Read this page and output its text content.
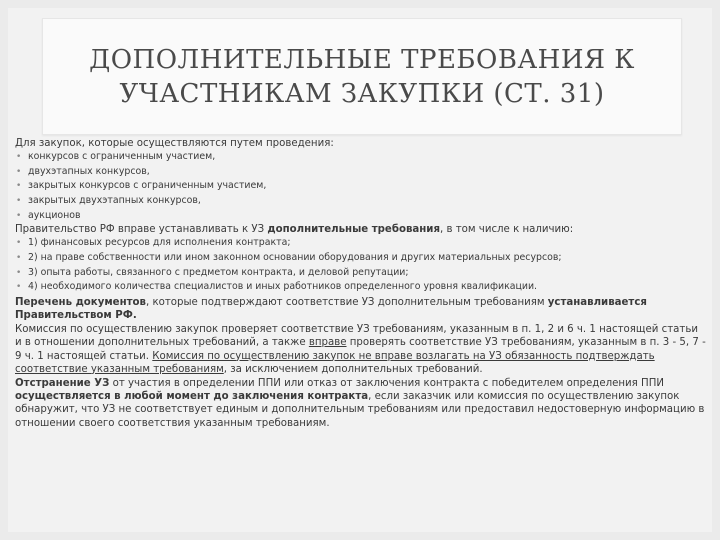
ДОПОЛНИТЕЛЬНЫЕ ТРЕБОВАНИЯ К
УЧАСТНИКАМ ЗАКУПКИ (СТ. 31)

Для закупок, которые осуществляются путем проведения:

• конкурсов с ограниченным участием,
• двухэтапных конкурсов,
• закрытых конкурсов с ограниченным участием,
• закрытых двухэтапных конкурсов,
• аукционов

Правительство РФ вправе устанавливать к УЗ дополнительные требования, в том числе к наличию:

• 1) финансовых ресурсов для исполнения контракта;
• 2) на праве собственности или ином законном основании оборудования и других материальных ресурсов;
• 3) опыта работы, связанного с предметом контракта, и деловой репутации;
• 4) необходимого количества специалистов и иных работников определенного уровня квалификации.

Перечень документов, которые подтверждают соответствие УЗ дополнительным требованиям устанавливается Правительством РФ.

Комиссия по осуществлению закупок проверяет соответствие УЗ требованиям, указанным в п. 1, 2 и 6 ч. 1 настоящей статьи и в отношении дополнительных требований, а также вправе проверять соответствие УЗ требованиям, указанным в п. 3 - 5, 7 - 9 ч. 1 настоящей статьи. Комиссия по осуществлению закупок не вправе возлагать на УЗ обязанность подтверждать соответствие указанным требованиям, за исключением дополнительных требований.

Отстранение УЗ от участия в определении ППИ или отказ от заключения контракта с победителем определения ППИ осуществляется в любой момент до заключения контракта, если заказчик или комиссия по осуществлению закупок обнаружит, что УЗ не соответствует единым и дополнительным требованиям или предоставил недостоверную информацию в отношении своего соответствия указанным требованиям.
